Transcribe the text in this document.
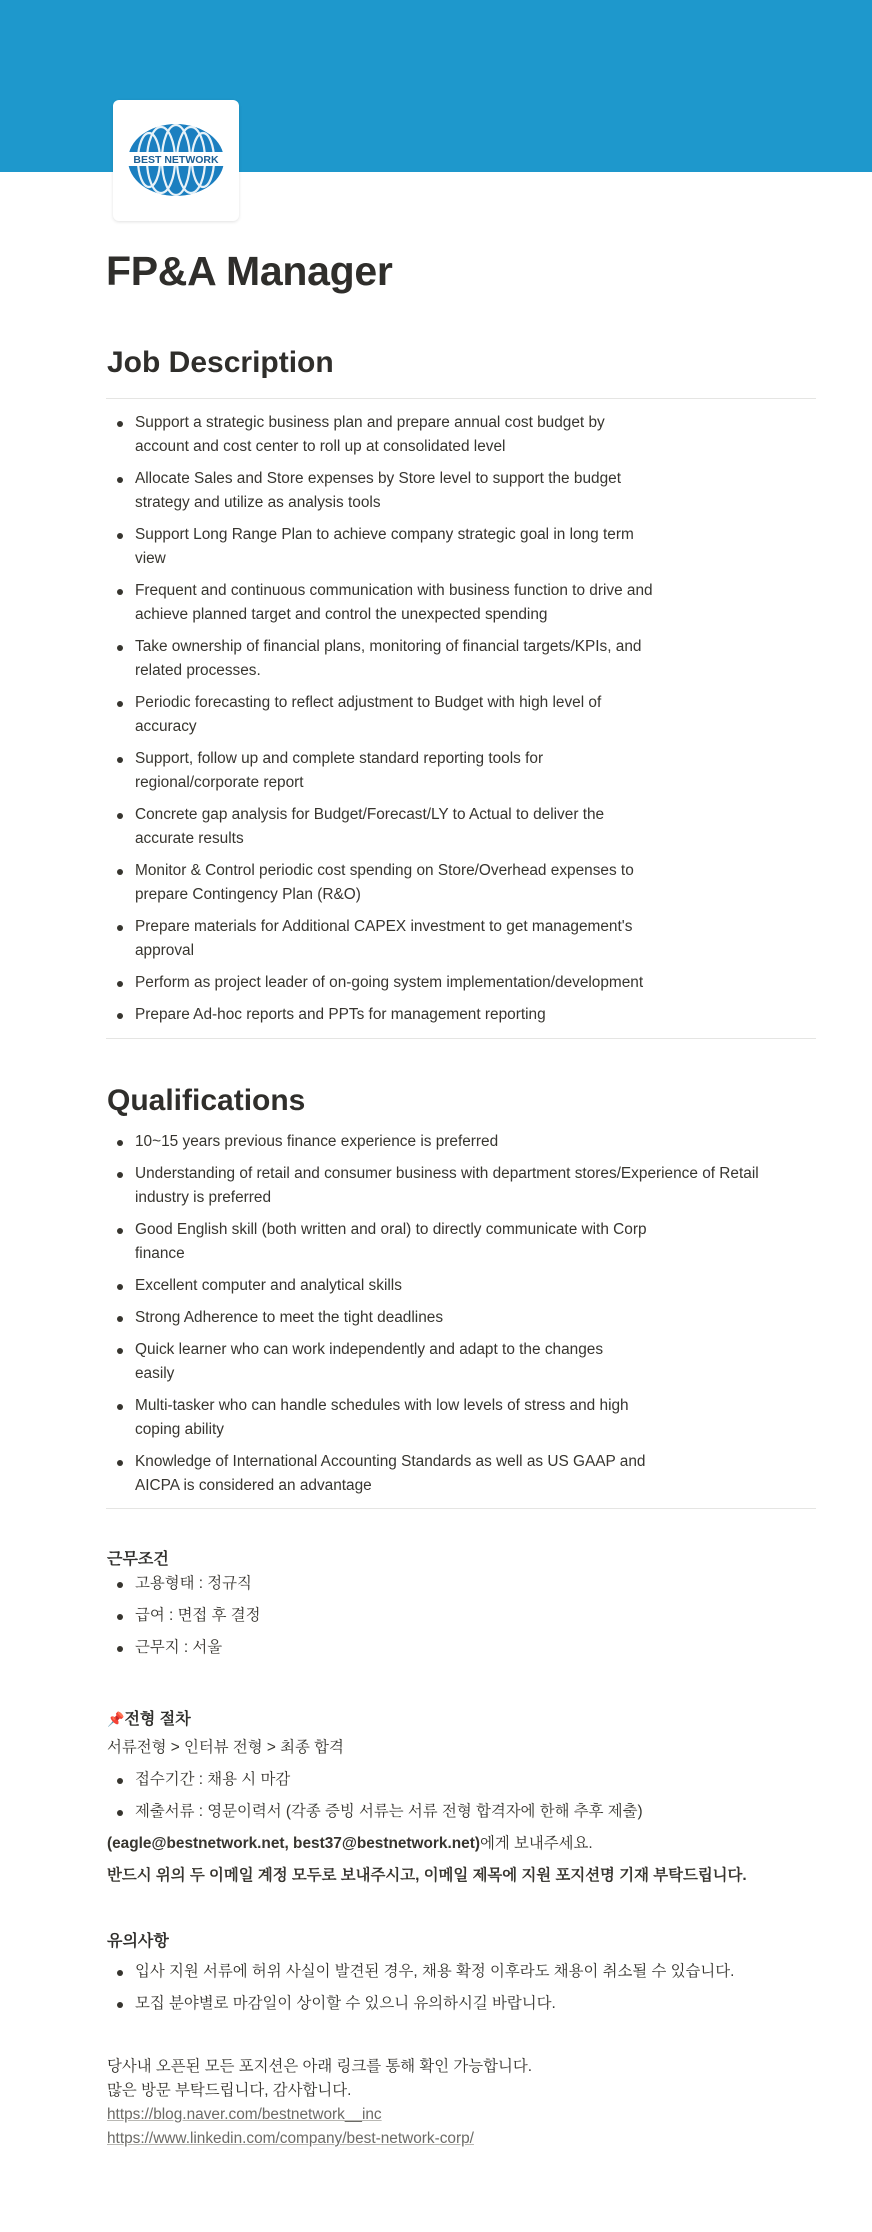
BEST NETWORK
FP&A Manager
Job Description
Support a strategic business plan and prepare annual cost budget by
account and cost center to roll up at consolidated level
Allocate Sales and Store expenses by Store level to support the budget
strategy and utilize as analysis tools
Support Long Range Plan to achieve company strategic goal in long term
view
Frequent and continuous communication with business function to drive and
achieve planned target and control the unexpected spending
Take ownership of financial plans, monitoring of financial targets/KPIs, and
related processes.
Periodic forecasting to reflect adjustment to Budget with high level of
accuracy
Support, follow up and complete standard reporting tools for
regional/corporate report
Concrete gap analysis for Budget/Forecast/LY to Actual to deliver the
accurate results
Monitor & Control periodic cost spending on Store/Overhead expenses to
prepare Contingency Plan (R&O)
Prepare materials for Additional CAPEX investment to get management's
approval
Perform as project leader of on-going system implementation/development
Prepare Ad-hoc reports and PPTs for management reporting
Qualifications
10~15 years previous finance experience is preferred
Understanding of retail and consumer business with department stores/Experience of Retail
industry is preferred
Good English skill (both written and oral) to directly communicate with Corp
finance
Excellent computer and analytical skills
Strong Adherence to meet the tight deadlines
Quick learner who can work independently and adapt to the changes
easily
Multi-tasker who can handle schedules with low levels of stress and high
coping ability
Knowledge of International Accounting Standards as well as US GAAP and
AICPA is considered an advantage
근무조건
고용형태 : 정규직
급여 : 면접 후 결정
근무지 : 서울
📌전형 절차
서류전형 > 인터뷰 전형 > 최종 합격
접수기간 : 채용 시 마감
제출서류 : 영문이력서 (각종 증빙 서류는 서류 전형 합격자에 한해 추후 제출)
(eagle@bestnetwork.net, best37@bestnetwork.net)에게 보내주세요.
반드시 위의 두 이메일 계정 모두로 보내주시고, 이메일 제목에 지원 포지션명 기재 부탁드립니다.
유의사항
입사 지원 서류에 허위 사실이 발견된 경우, 채용 확정 이후라도 채용이 취소될 수 있습니다.
모집 분야별로 마감일이 상이할 수 있으니 유의하시길 바랍니다.
당사내 오픈된 모든 포지션은 아래 링크를 통해 확인 가능합니다.
많은 방문 부탁드립니다, 감사합니다.
https://blog.naver.com/bestnetwork__inc
https://www.linkedin.com/company/best-network-corp/
